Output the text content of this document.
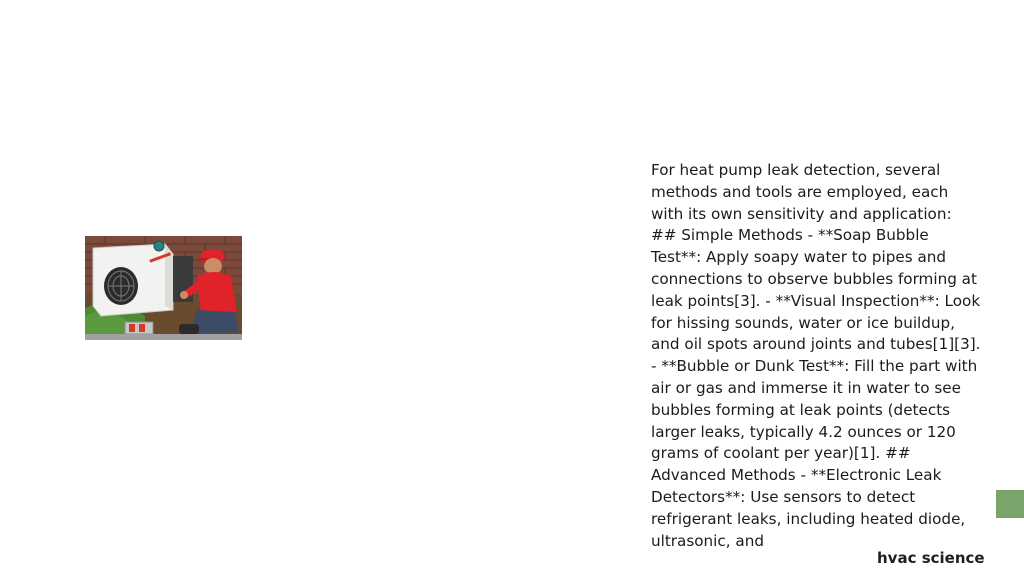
For heat pump leak detection, several methods and tools are employed, each with its own sensitivity and application: ## Simple Methods - **Soap Bubble Test**: Apply soapy water to pipes and connections to observe bubbles forming at leak points[3]. - **Visual Inspection**: Look for hissing sounds, water or ice buildup, and oil spots around joints and tubes[1][3]. - **Bubble or Dunk Test**: Fill the part with air or gas and immerse it in water to see bubbles forming at leak points (detects larger leaks, typically 4.2 ounces or 120 grams of coolant per year)[1]. ## Advanced Methods - **Electronic Leak Detectors**: Use sensors to detect refrigerant leaks, including heated diode, ultrasonic, and

hvac science
